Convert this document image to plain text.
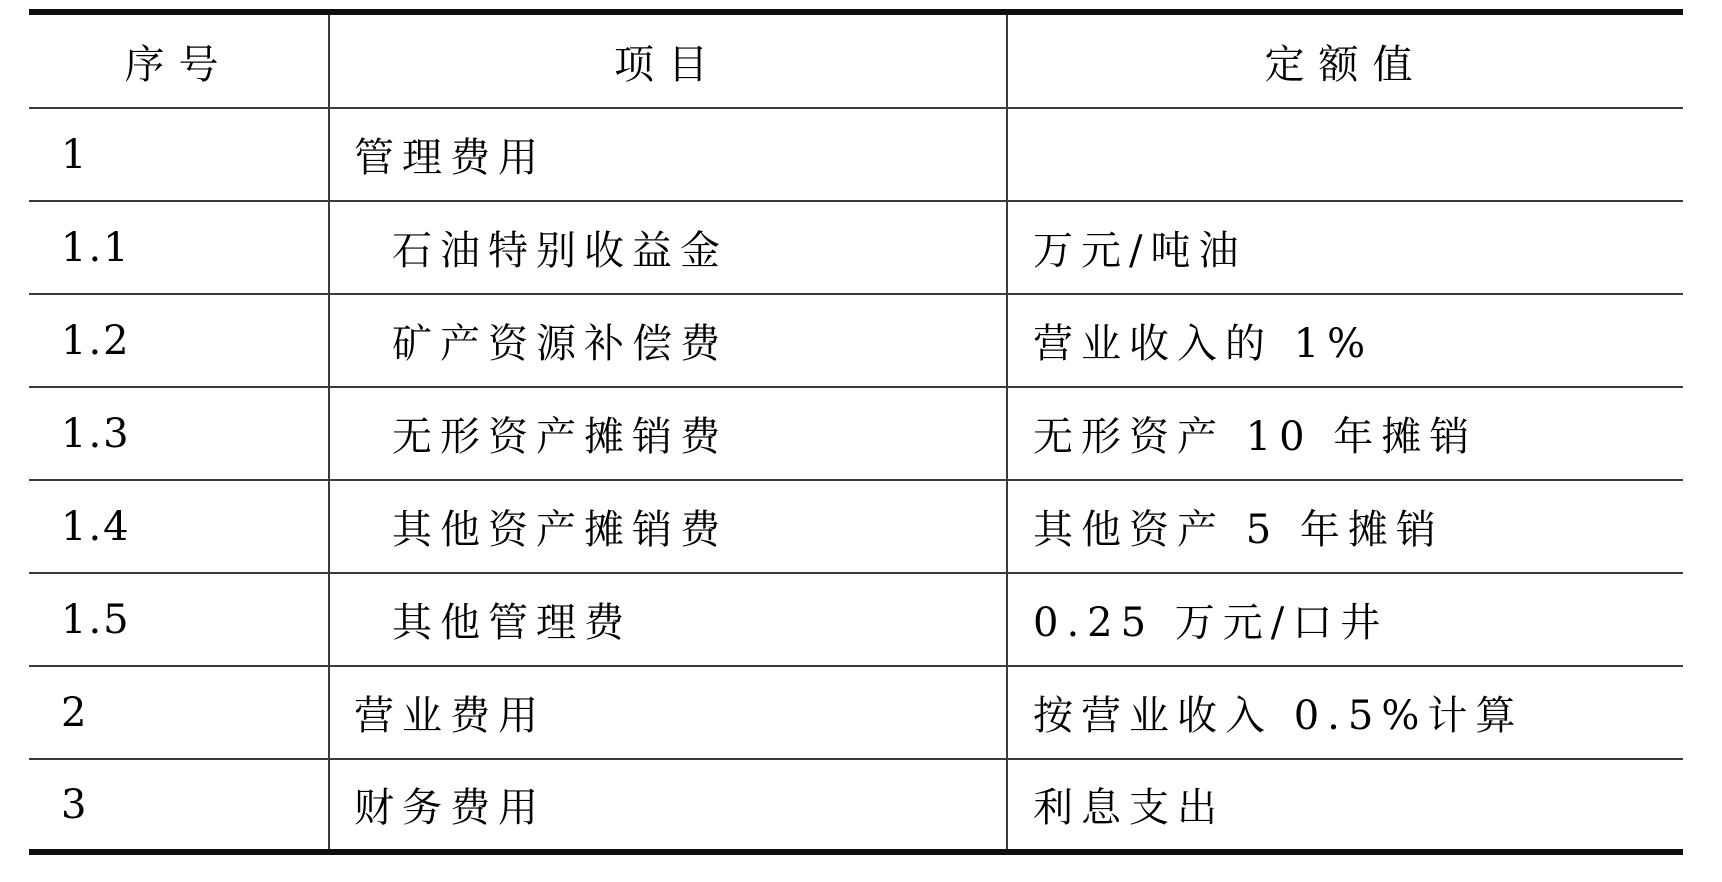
序号	项目	定额值
1	管理费用	
1.1	石油特别收益金	万元/吨油
1.2	矿产资源补偿费	营业收入的 1%
1.3	无形资产摊销费	无形资产 10 年摊销
1.4	其他资产摊销费	其他资产 5 年摊销
1.5	其他管理费	0.25 万元/口井
2	营业费用	按营业收入 0.5%计算
3	财务费用	利息支出
